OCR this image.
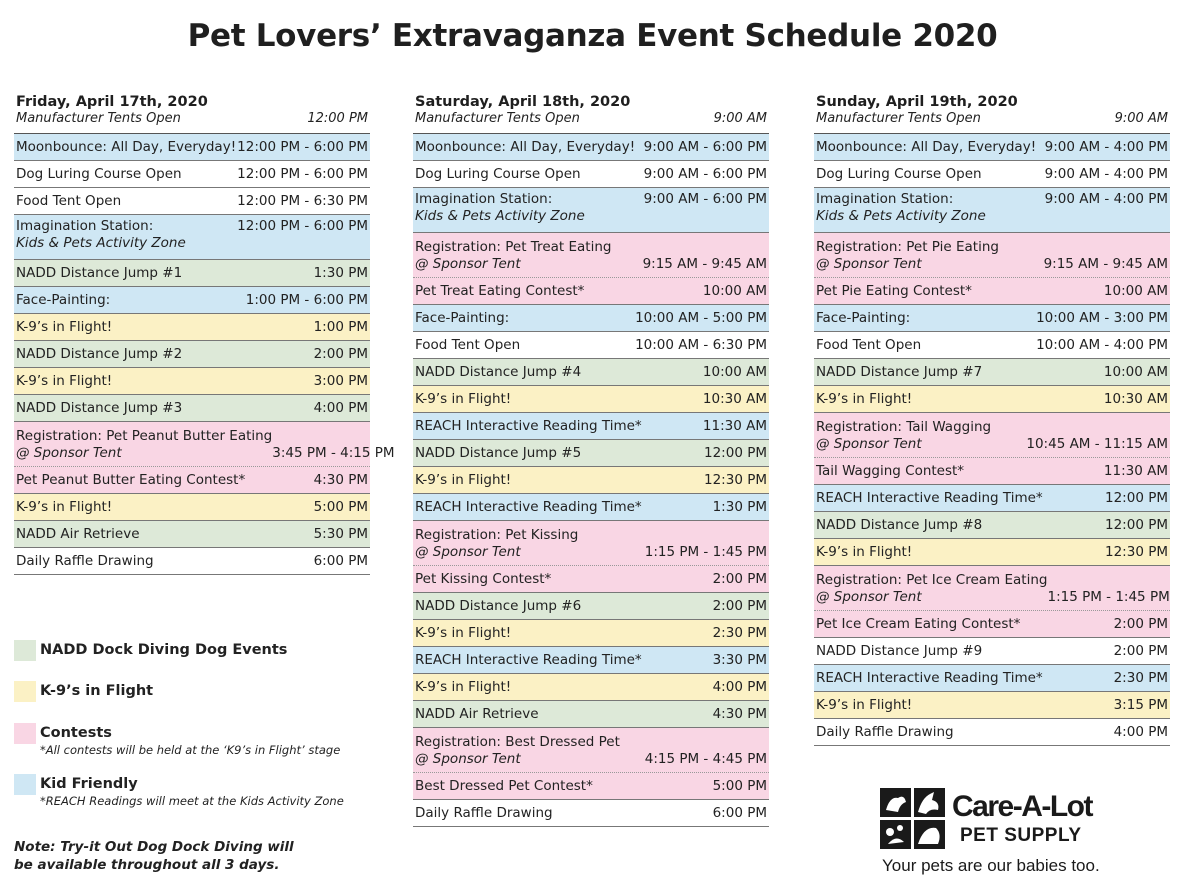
Pet Lovers’ Extravaganza Event Schedule 2020
Friday, April 17th, 2020
Manufacturer Tents Open	12:00 PM
Moonbounce: All Day, Everyday! 12:00 PM - 6:00 PM
Dog Luring Course Open	12:00 PM - 6:00 PM
Food Tent Open	12:00 PM - 6:30 PM
Imagination Station:
Kids & Pets Activity Zone
12:00 PM - 6:00 PM
NADD Distance Jump #1	1:30 PM
Face-Painting:	1:00 PM - 6:00 PM
K-9’s in Flight!	1:00 PM
NADD Distance Jump #2	2:00 PM
K-9’s in Flight!	3:00 PM
NADD Distance Jump #3	4:00 PM
Registration: Pet Peanut Butter Eating
@ Sponsor Tent	3:45 PM - 4:15 PM
Pet Peanut Butter Eating Contest*	4:30 PM
K-9’s in Flight!	5:00 PM
NADD Air Retrieve	5:30 PM
Daily Raffle Drawing	6:00 PM
Saturday, April 18th, 2020
Manufacturer Tents Open	9:00 AM
Moonbounce: All Day, Everyday! 9:00 AM - 6:00 PM
Dog Luring Course Open	9:00 AM - 6:00 PM
Imagination Station:
Kids & Pets Activity Zone
9:00 AM - 6:00 PM
Registration: Pet Treat Eating
@ Sponsor Tent	9:15 AM - 9:45 AM
Pet Treat Eating Contest*	10:00 AM
Face-Painting:	10:00 AM - 5:00 PM
Food Tent Open	10:00 AM - 6:30 PM
NADD Distance Jump #4	10:00 AM
K-9’s in Flight!	10:30 AM
REACH Interactive Reading Time*	11:30 AM
NADD Distance Jump #5	12:00 PM
K-9’s in Flight!	12:30 PM
REACH Interactive Reading Time*	1:30 PM
Registration: Pet Kissing
@ Sponsor Tent	1:15 PM - 1:45 PM
Pet Kissing Contest*	2:00 PM
NADD Distance Jump #6	2:00 PM
K-9’s in Flight!	2:30 PM
REACH Interactive Reading Time*	3:30 PM
K-9’s in Flight!	4:00 PM
NADD Air Retrieve	4:30 PM
Registration: Best Dressed Pet
@ Sponsor Tent	4:15 PM - 4:45 PM
Best Dressed Pet Contest*	5:00 PM
Daily Raffle Drawing	6:00 PM
Sunday, April 19th, 2020
Manufacturer Tents Open	9:00 AM
Moonbounce: All Day, Everyday! 9:00 AM - 4:00 PM
Dog Luring Course Open	9:00 AM - 4:00 PM
Imagination Station:
Kids & Pets Activity Zone
9:00 AM - 4:00 PM
Registration: Pet Pie Eating
@ Sponsor Tent	9:15 AM - 9:45 AM
Pet Pie Eating Contest*	10:00 AM
Face-Painting:	10:00 AM - 3:00 PM
Food Tent Open	10:00 AM - 4:00 PM
NADD Distance Jump #7	10:00 AM
K-9’s in Flight!	10:30 AM
Registration: Tail Wagging
@ Sponsor Tent	10:45 AM - 11:15 AM
Tail Wagging Contest*	11:30 AM
REACH Interactive Reading Time*	12:00 PM
NADD Distance Jump #8	12:00 PM
K-9’s in Flight!	12:30 PM
Registration: Pet Ice Cream Eating
@ Sponsor Tent	1:15 PM - 1:45 PM
Pet Ice Cream Eating Contest*	2:00 PM
NADD Distance Jump #9	2:00 PM
REACH Interactive Reading Time*	2:30 PM
K-9’s in Flight!	3:15 PM
Daily Raffle Drawing	4:00 PM
NADD Dock Diving Dog Events
K-9’s in Flight
Contests
*All contests will be held at the ‘K9’s in Flight’ stage
Kid Friendly
*REACH Readings will meet at the Kids Activity Zone
Note: Try-it Out Dog Dock Diving will be available throughout all 3 days.
Care-A-Lot
PET SUPPLY
Your pets are our babies too.
